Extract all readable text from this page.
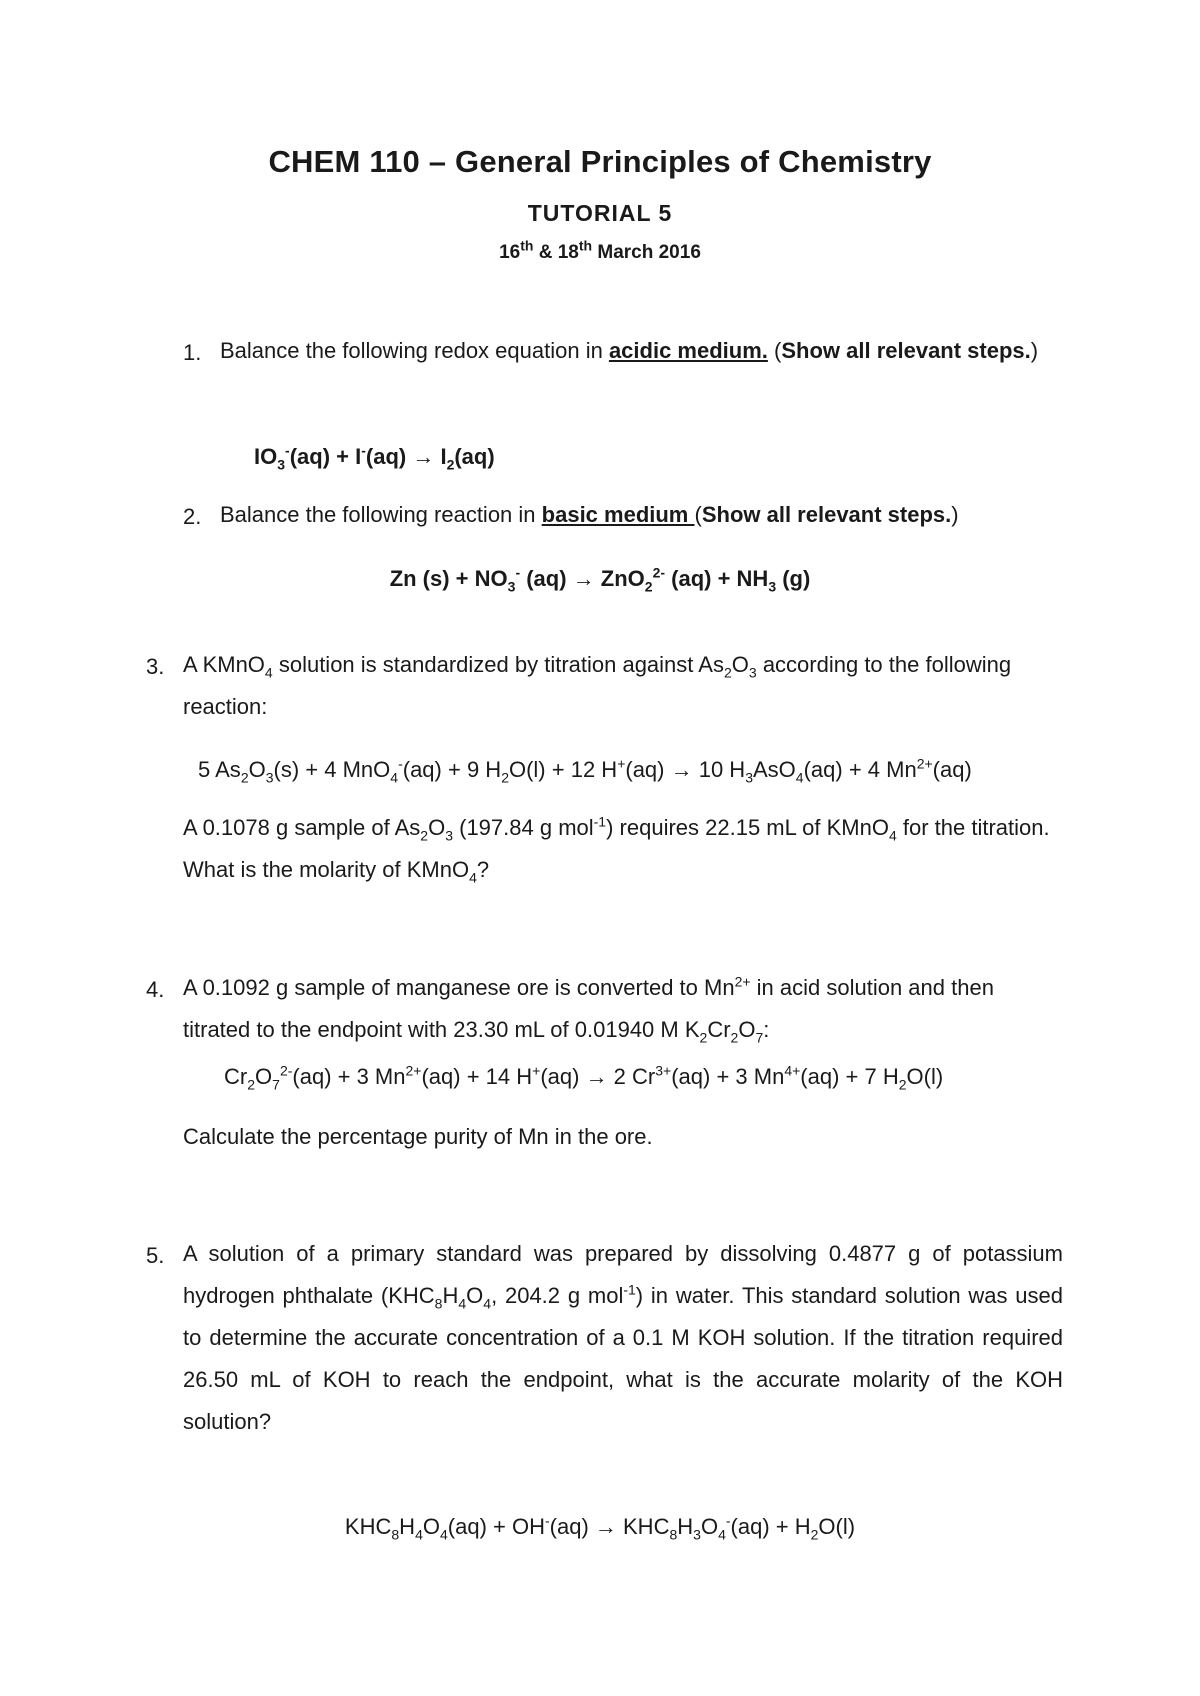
CHEM 110 – General Principles of Chemistry
TUTORIAL 5
16th & 18th March 2016
1. Balance the following redox equation in acidic medium. (Show all relevant steps.)
$IO_3^-(aq) + I^-(aq) \to I_2(aq)$
2. Balance the following reaction in basic medium (Show all relevant steps.)
Zn $(s) + NO_3^-$ (aq) → ZnO$_2^{2-}$ $(aq) + NH_3$ (g)
3. A KMnO$_4$ solution is standardized by titration against $As_2O_3$ according to the following reaction:
5 $As_2O_3(s) + 4$ MnO$_4$-(aq) + 9 $H_2O(l) + 12$ H+(aq) → 10 $H_3AsO_4(aq) + 4$ $Mn^{2+}(aq)$
A 0.1078 g sample of $As_2O_3$ (197.84 g mol$^{-1}$) requires 22.15 mL of KMnO$_4$ for the titration. What is the molarity of KMnO$_4$?
4. A 0.1092 g sample of manganese ore is converted to $Mn^{2+}$ in acid solution and then titrated to the endpoint with 23.30 mL of 0.01940 M $K_2Cr_2O_7$:
$Cr_2O_7^{2-}(aq) + 3$ $Mn^{2+}(aq) + 14$ H+(aq) → 2 $Cr^{3+}(aq) + 3$ $Mn^{4+}(aq) + 7$ $H_2O(l)$
Calculate the percentage purity of Mn in the ore.
5. A solution of a primary standard was prepared by dissolving 0.4877 g of potassium hydrogen phthalate ($KHC_8H_4O_4$, 204.2 g mol$^{-1}$) in water. This standard solution was used to determine the accurate concentration of a 0.1 M KOH solution. If the titration required 26.50 mL of KOH to reach the endpoint, what is the accurate molarity of the KOH solution?
$KHC_8H_4O_4(aq) + OH^-(aq) \to KHC_8H_3O_4^-(aq) + H_2O(l)$
